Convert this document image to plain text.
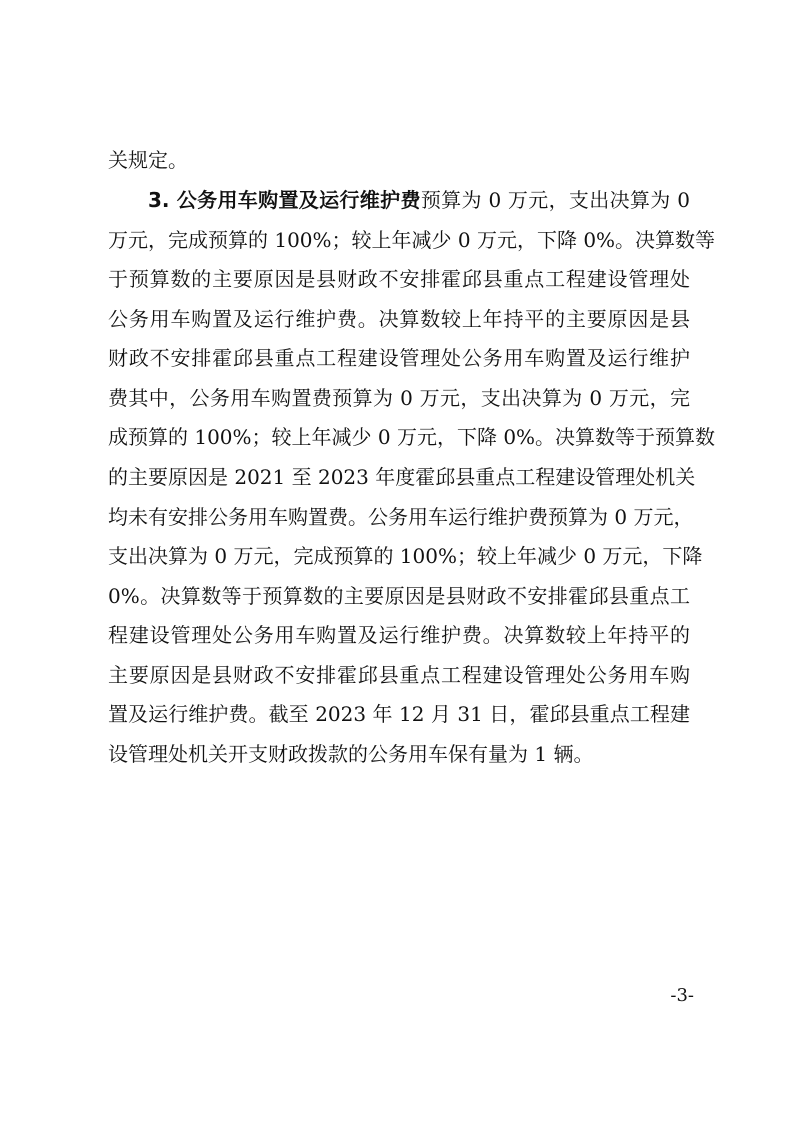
关规定。
3. 公务用车购置及运行维护费预算为 0 万元，支出决算为 0
万元，完成预算的 100%；较上年减少 0 万元，下降 0%。决算数等
于预算数的主要原因是县财政不安排霍邱县重点工程建设管理处
公务用车购置及运行维护费。决算数较上年持平的主要原因是县
财政不安排霍邱县重点工程建设管理处公务用车购置及运行维护
费其中，公务用车购置费预算为 0 万元，支出决算为 0 万元，完
成预算的 100%；较上年减少 0 万元，下降 0%。决算数等于预算数
的主要原因是 2021 至 2023 年度霍邱县重点工程建设管理处机关
均未有安排公务用车购置费。公务用车运行维护费预算为 0 万元，
支出决算为 0 万元，完成预算的 100%；较上年减少 0 万元，下降
0%。决算数等于预算数的主要原因是县财政不安排霍邱县重点工
程建设管理处公务用车购置及运行维护费。决算数较上年持平的
主要原因是县财政不安排霍邱县重点工程建设管理处公务用车购
置及运行维护费。截至 2023 年 12 月 31 日，霍邱县重点工程建
设管理处机关开支财政拨款的公务用车保有量为 1 辆。
-3-
